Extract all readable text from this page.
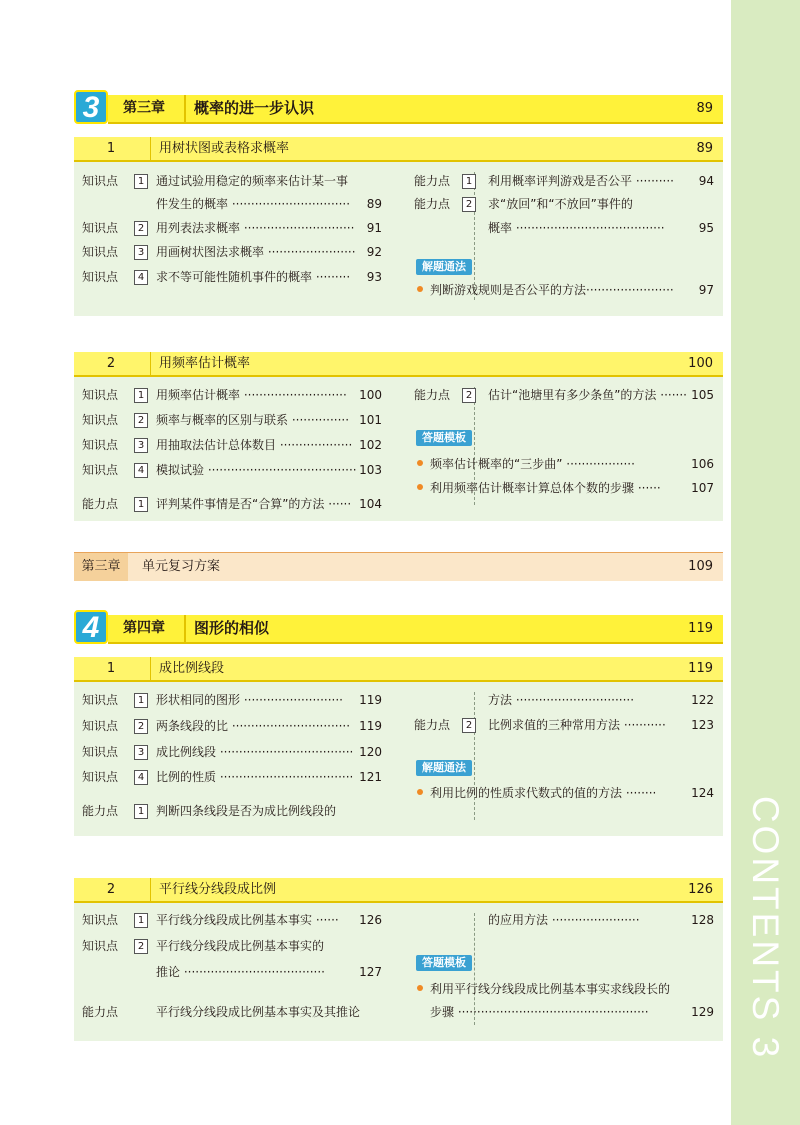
CONTENTS 3
3	第三章	概率的进一步认识	89
1	用树状图或表格求概率	89
知识点	1 通过试验用稳定的频率来估计某一事
件发生的概率 ······························· 89
知识点	2 用列表法求概率 ····························· 91
知识点	3 用画树状图法求概率 ······················· 92
知识点	4 求不等可能性随机事件的概率 ········· 93
能力点	1	利用概率评判游戏是否公平 ·········· 94
能力点	2	求“放回”和“不放回”事件的
概率 ·······································	95
解题通法
判断游戏规则是否公平的方法······················· 97
2	用频率估计概率	100
知识点	1 用频率估计概率 ··························· 100
知识点	2 频率与概率的区别与联系 ··············· 101
知识点	3 用抽取法估计总体数目 ··················· 102
知识点	4 模拟试验 ······································· 103
能力点	1 评判某件事情是否“合算”的方法 ······ 104
能力点	2	估计“池塘里有多少条鱼”的方法 ······· 105
答题模板
频率估计概率的“三步曲” ··················	106
利用频率估计概率计算总体个数的步骤 ······	107
第三章	单元复习方案	109
4	第四章	图形的相似	119
1	成比例线段	119
知识点	1 形状相同的图形 ·························· 119
知识点	2 两条线段的比 ······························· 119
知识点	3 成比例线段 ··································· 120
知识点	4 比例的性质 ··································· 121
能力点	1 判断四条线段是否为成比例线段的
方法 ·······························	122
能力点	2	比例求值的三种常用方法 ··········· 123
解题通法
利用比例的性质求代数式的值的方法 ········	124
2	平行线分线段成比例	126
知识点	1 平行线分线段成比例基本事实 ······ 126
知识点	2 平行线分线段成比例基本事实的
推论 ·····································	127
能力点	平行线分线段成比例基本事实及其推论
的应用方法 ·······················	128
答题模板
利用平行线分线段成比例基本事实求线段长的
步骤 ··················································	129
